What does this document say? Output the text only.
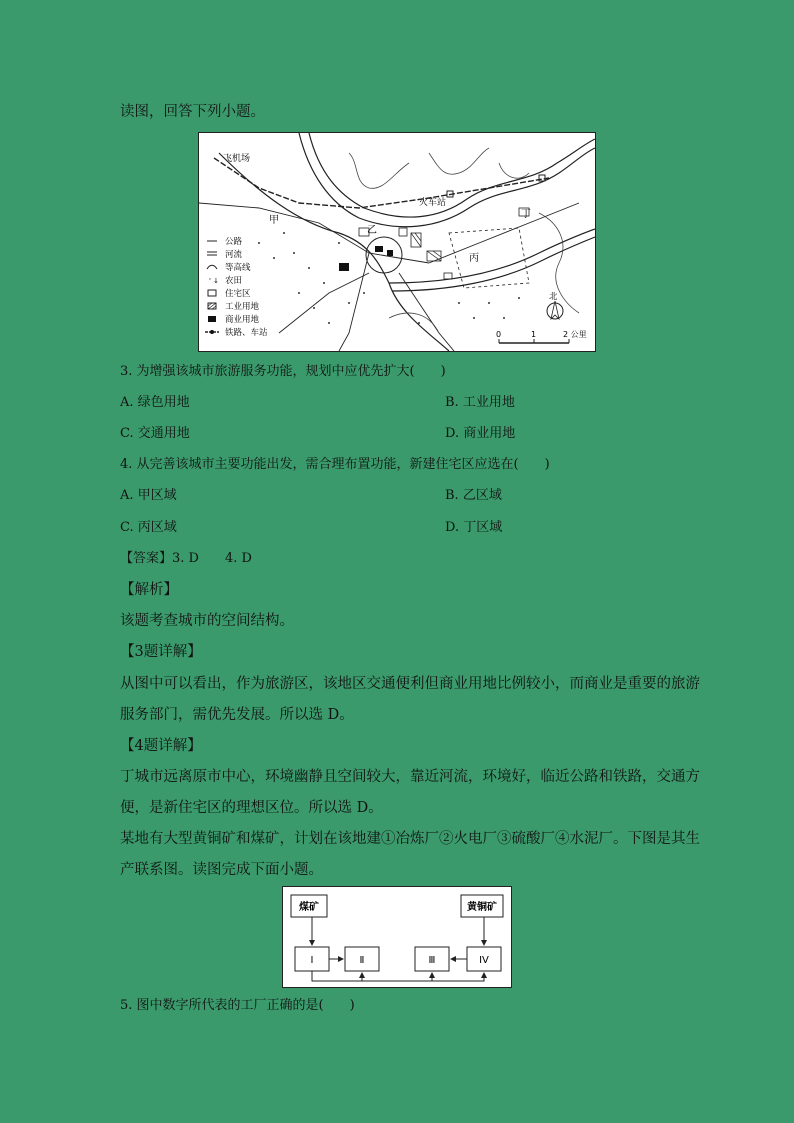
读图，回答下列小题。
飞机场
火车站
甲
乙
丙
丁
公路
河流
等高线
' ↓ 农田
住宅区
工业用地
商业用地
铁路、车站
北
0	1	2 公里
3. 为增强该城市旅游服务功能，规划中应优先扩大(　　)
A. 绿色用地	B. 工业用地
C. 交通用地	D. 商业用地
4. 从完善该城市主要功能出发，需合理布置功能，新建住宅区应选在(　　)
A. 甲区域	B. 乙区域
C. 丙区域	D. 丁区域
【答案】3. D　　4. D
【解析】
该题考查城市的空间结构。
【3题详解】
从图中可以看出，作为旅游区，该地区交通便利但商业用地比例较小，而商业是重要的旅游
服务部门，需优先发展。所以选 D。
【4题详解】
丁城市远离原市中心，环境幽静且空间较大，靠近河流，环境好，临近公路和铁路，交通方
便，是新住宅区的理想区位。所以选 D。
某地有大型黄铜矿和煤矿，计划在该地建①冶炼厂②火电厂③硫酸厂④水泥厂。下图是其生
产联系图。读图完成下面小题。
煤矿	黄铜矿
I	Ⅱ	Ⅲ	IV
5. 图中数字所代表的工厂正确的是(　　)
